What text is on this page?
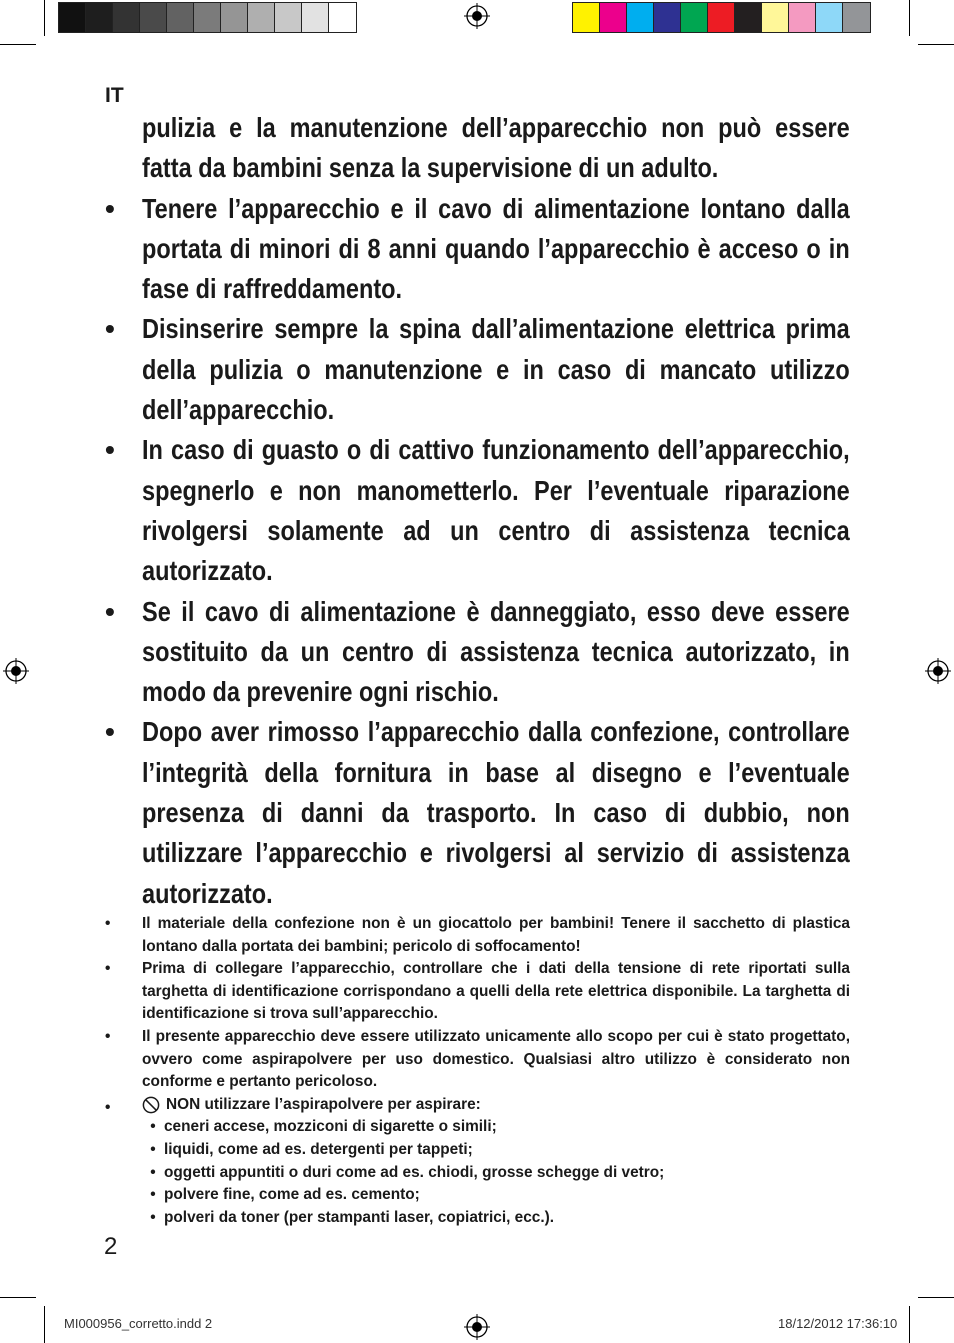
IT
pulizia e la manutenzione dell’apparecchio non può essere fatta da bambini senza la supervisione di un adulto.
• Tenere l’apparecchio e il cavo di alimentazione lontano dalla portata di minori di 8 anni quando l’apparecchio è acceso o in fase di raffreddamento.
• Disinserire sempre la spina dall’alimentazione elettrica prima della pulizia o manutenzione e in caso di mancato utilizzo dell’apparecchio.
• In caso di guasto o di cattivo funzionamento dell’apparecchio, spegnerlo e non manometterlo. Per l’eventuale riparazione rivolgersi solamente ad un centro di assistenza tecnica autorizzato.
• Se il cavo di alimentazione è danneggiato, esso deve essere sostituito da un centro di assistenza tecnica autorizzato, in modo da prevenire ogni rischio.
• Dopo aver rimosso l’apparecchio dalla confezione, controllare l’integrità della fornitura in base al disegno e l’eventuale presenza di danni da trasporto. In caso di dubbio, non utilizzare l’apparecchio e rivolgersi al servizio di assistenza autorizzato.
•	Il materiale della confezione non è un giocattolo per bambini! Tenere il sacchetto di plastica lontano dalla portata dei bambini; pericolo di soffocamento!
•	Prima di collegare l’apparecchio, controllare che i dati della tensione di rete riportati sulla targhetta di identificazione corrispondano a quelli della rete elettrica disponibile. La targhetta di identificazione si trova sull’apparecchio.
•	Il presente apparecchio deve essere utilizzato unicamente allo scopo per cui è stato progettato, ovvero come aspirapolvere per uso domestico. Qualsiasi altro utilizzo è considerato non conforme e pertanto pericoloso.
•	NON utilizzare l’aspirapolvere per aspirare:
• ceneri accese, mozziconi di sigarette o simili;
• liquidi, come ad es. detergenti per tappeti;
• oggetti appuntiti o duri come ad es. chiodi, grosse schegge di vetro;
• polvere fine, come ad es. cemento;
• polveri da toner (per stampanti laser, copiatrici, ecc.).
2
MI000956_corretto.indd 2	18/12/2012 17:36:10
